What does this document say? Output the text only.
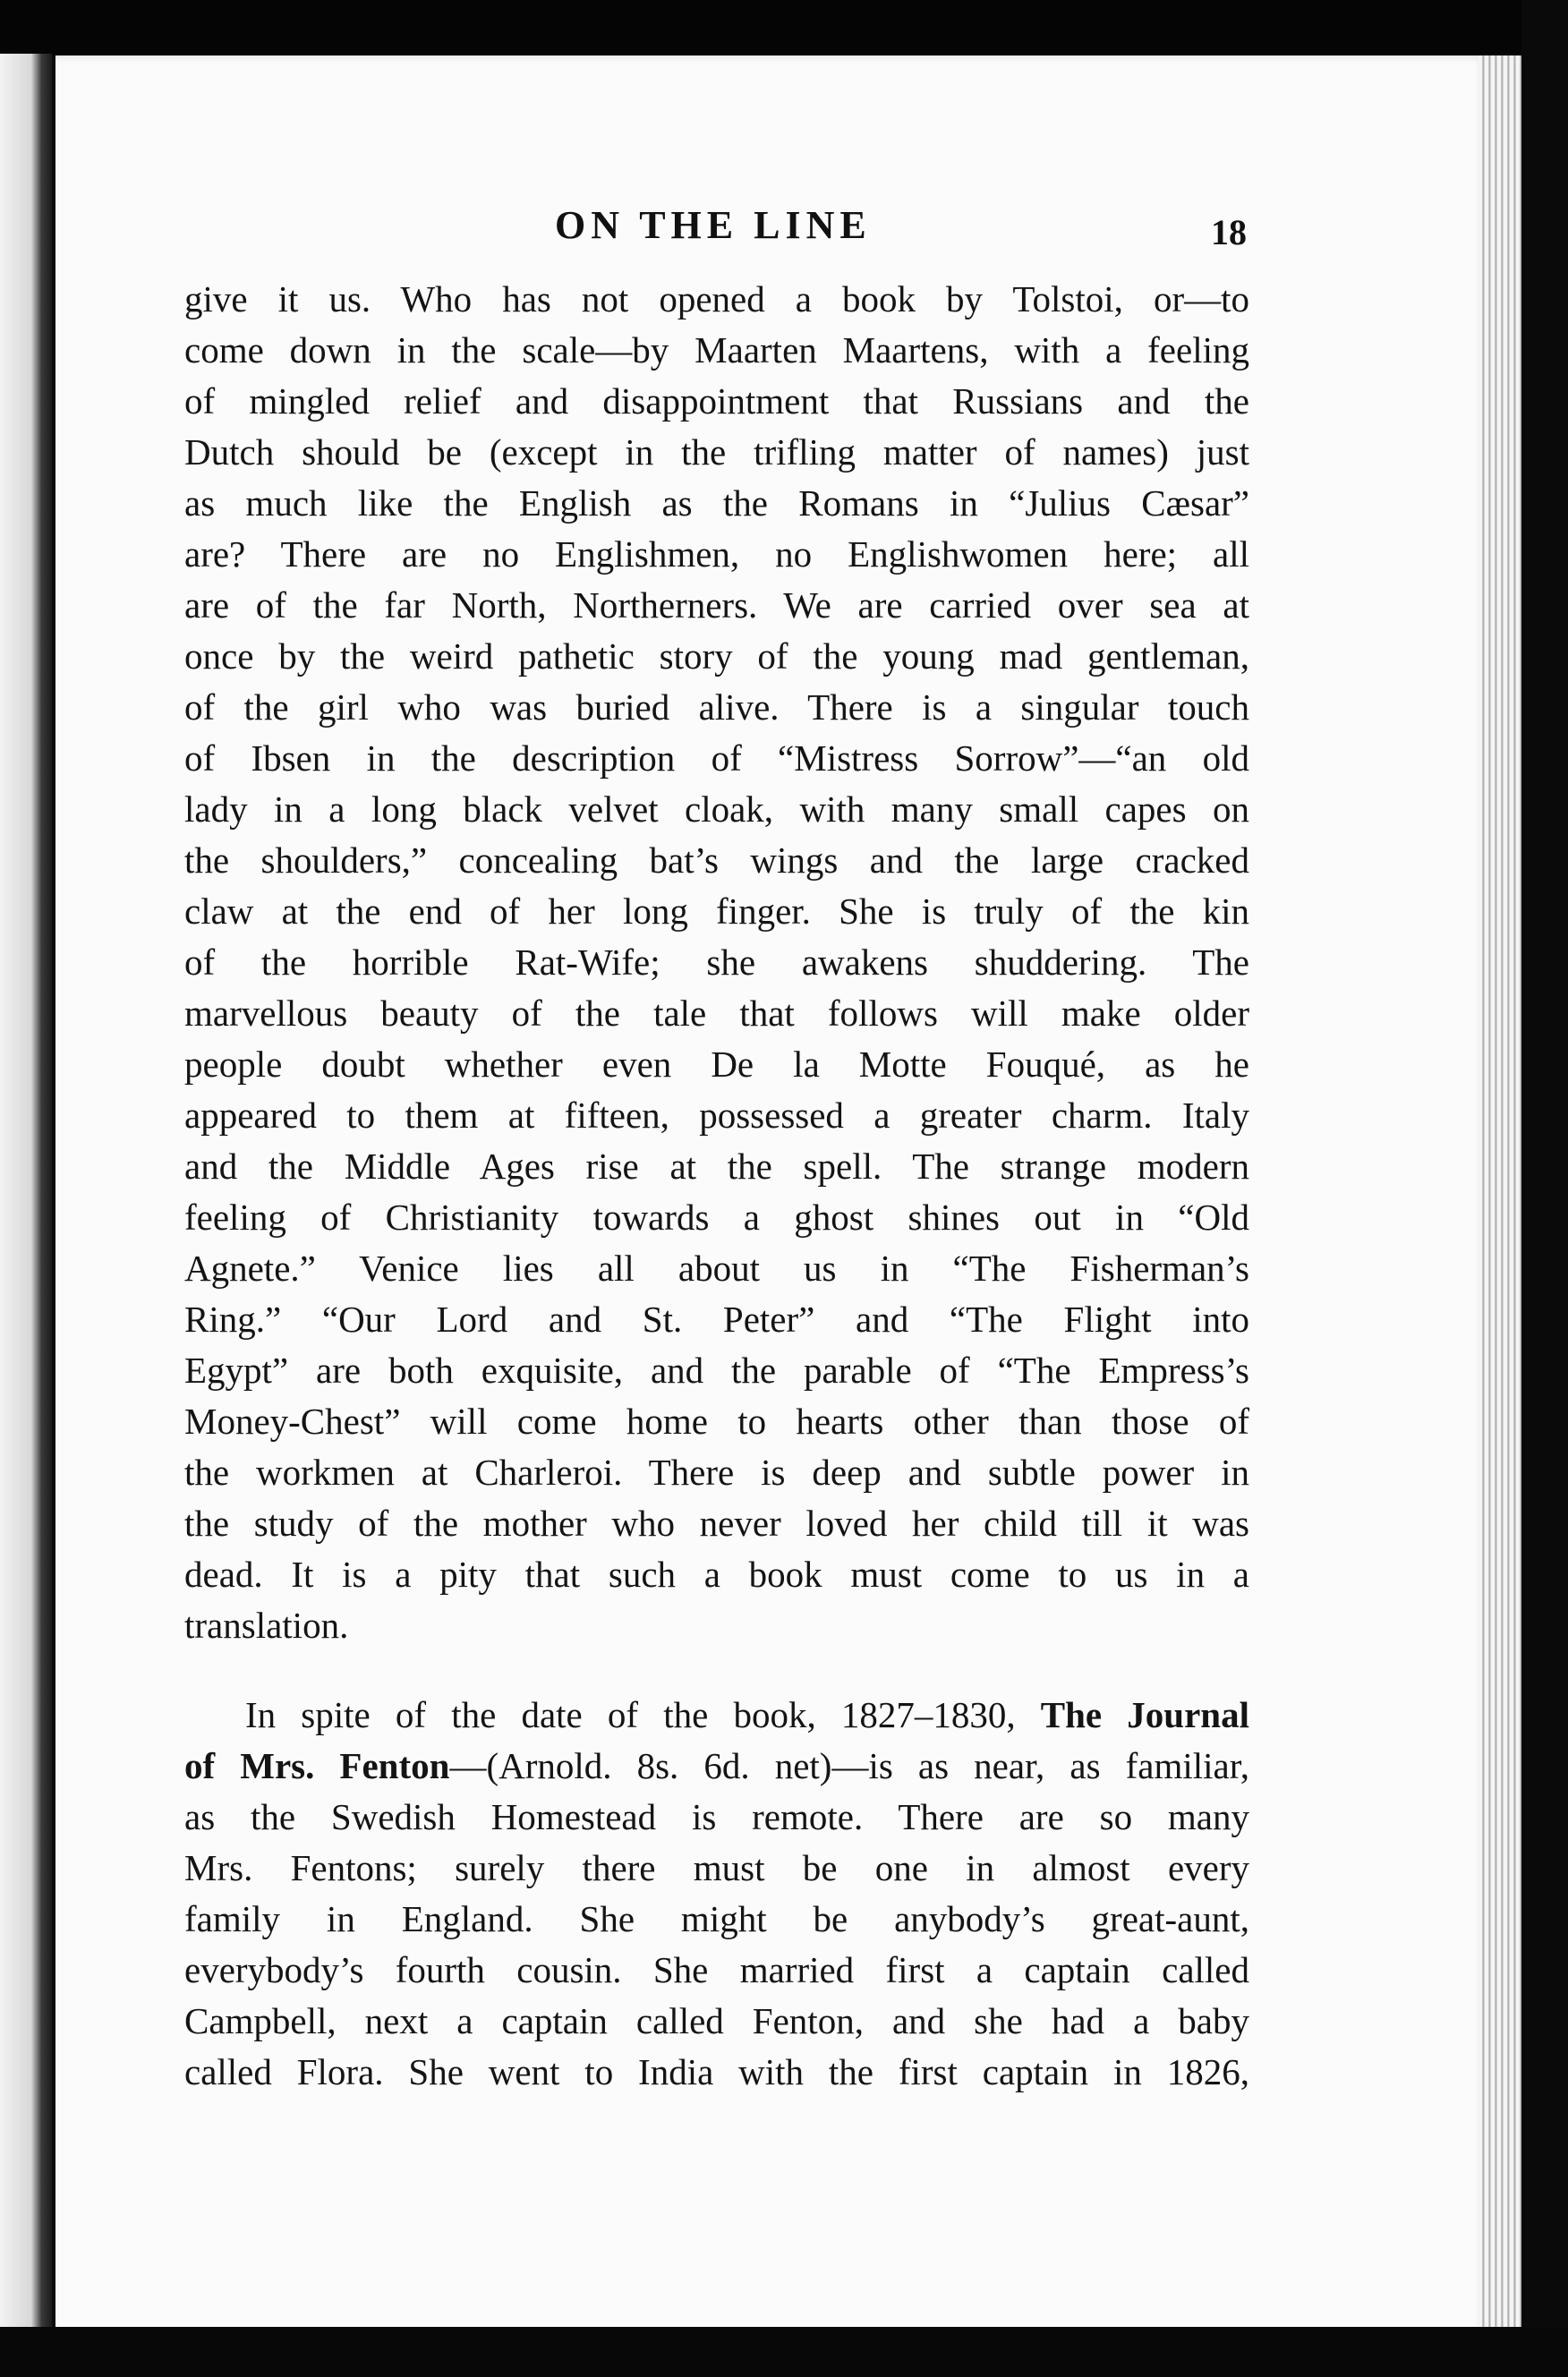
ON THE LINE	18
give it us. Who has not opened a book by Tolstoi, or—to
come down in the scale—by Maarten Maartens, with a feeling
of mingled relief and disappointment that Russians and the
Dutch should be (except in the trifling matter of names) just
as much like the English as the Romans in “Julius Cæsar”
are? There are no Englishmen, no Englishwomen here; all
are of the far North, Northerners. We are carried over sea at
once by the weird pathetic story of the young mad gentleman,
of the girl who was buried alive. There is a singular touch
of Ibsen in the description of “Mistress Sorrow”—“an old
lady in a long black velvet cloak, with many small capes on
the shoulders,” concealing bat’s wings and the large cracked
claw at the end of her long finger. She is truly of the kin
of the horrible Rat-Wife; she awakens shuddering. The
marvellous beauty of the tale that follows will make older
people doubt whether even De la Motte Fouqué, as he
appeared to them at fifteen, possessed a greater charm. Italy
and the Middle Ages rise at the spell. The strange modern
feeling of Christianity towards a ghost shines out in “Old
Agnete.” Venice lies all about us in “The Fisherman’s
Ring.” “Our Lord and St. Peter” and “The Flight into
Egypt” are both exquisite, and the parable of “The Empress’s
Money-Chest” will come home to hearts other than those of
the workmen at Charleroi. There is deep and subtle power in
the study of the mother who never loved her child till it was
dead. It is a pity that such a book must come to us in a
translation.
In spite of the date of the book, 1827–1830, The Journal
of Mrs. Fenton—(Arnold. 8s. 6d. net)—is as near, as familiar,
as the Swedish Homestead is remote. There are so many
Mrs. Fentons; surely there must be one in almost every
family in England. She might be anybody’s great-aunt,
everybody’s fourth cousin. She married first a captain called
Campbell, next a captain called Fenton, and she had a baby
called Flora. She went to India with the first captain in 1826,
